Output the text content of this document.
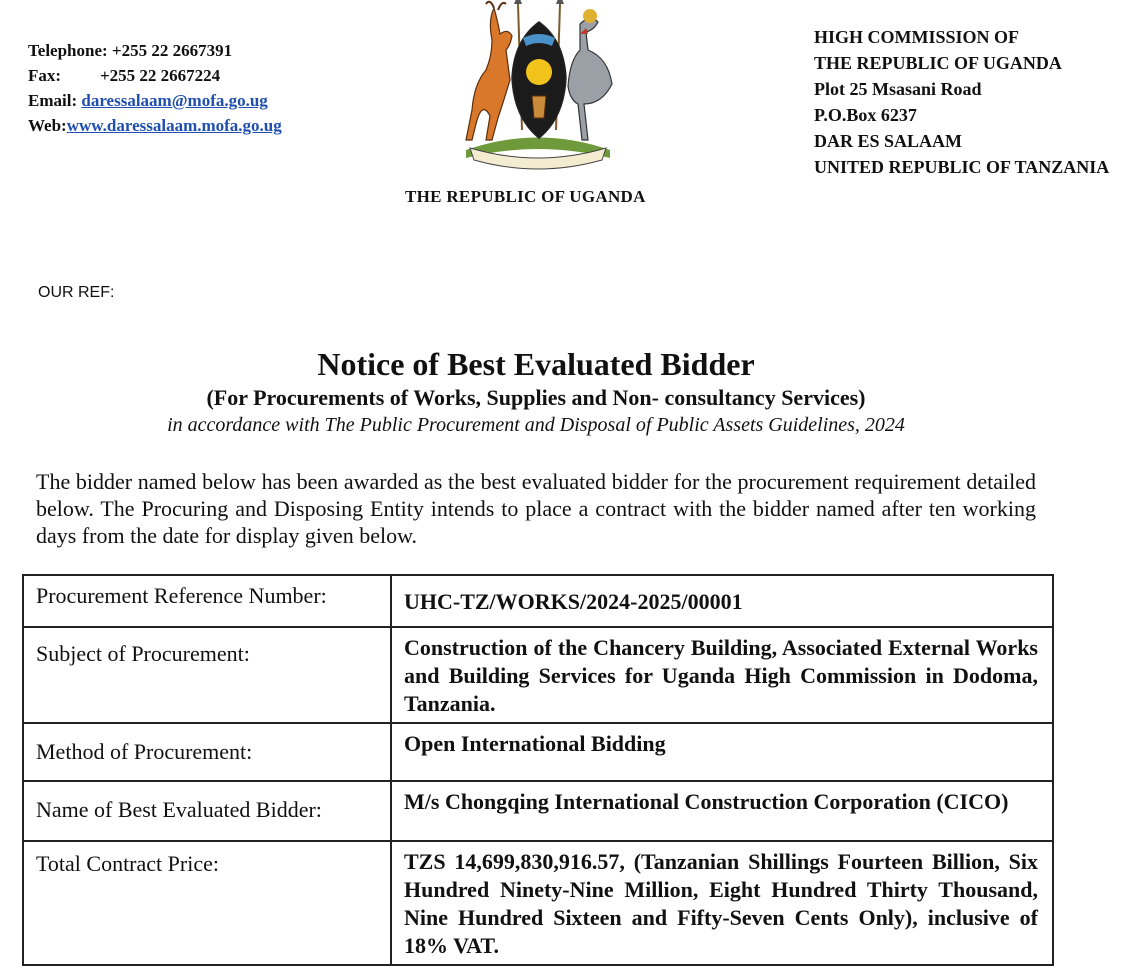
Telephone: +255 22 2667391
Fax: +255 22 2667224
Email: daressalaam@mofa.go.ug
Web:www.daressalaam.mofa.go.ug
THE REPUBLIC OF UGANDA
HIGH COMMISSION OF
THE REPUBLIC OF UGANDA
Plot 25 Msasani Road
P.O.Box 6237
DAR ES SALAAM
UNITED REPUBLIC OF TANZANIA
OUR REF:
Notice of Best Evaluated Bidder
(For Procurements of Works, Supplies and Non- consultancy Services)
in accordance with The Public Procurement and Disposal of Public Assets Guidelines, 2024
The bidder named below has been awarded as the best evaluated bidder for the procurement requirement detailed below. The Procuring and Disposing Entity intends to place a contract with the bidder named after ten working days from the date for display given below.
Procurement Reference Number:	UHC-TZ/WORKS/2024-2025/00001
Subject of Procurement:	Construction of the Chancery Building, Associated External Works and Building Services for Uganda High Commission in Dodoma, Tanzania.
Method of Procurement:	Open International Bidding
Name of Best Evaluated Bidder:	M/s Chongqing International Construction Corporation (CICO)
Total Contract Price:	TZS 14,699,830,916.57, (Tanzanian Shillings Fourteen Billion, Six Hundred Ninety-Nine Million, Eight Hundred Thirty Thousand, Nine Hundred Sixteen and Fifty-Seven Cents Only), inclusive of 18% VAT.
